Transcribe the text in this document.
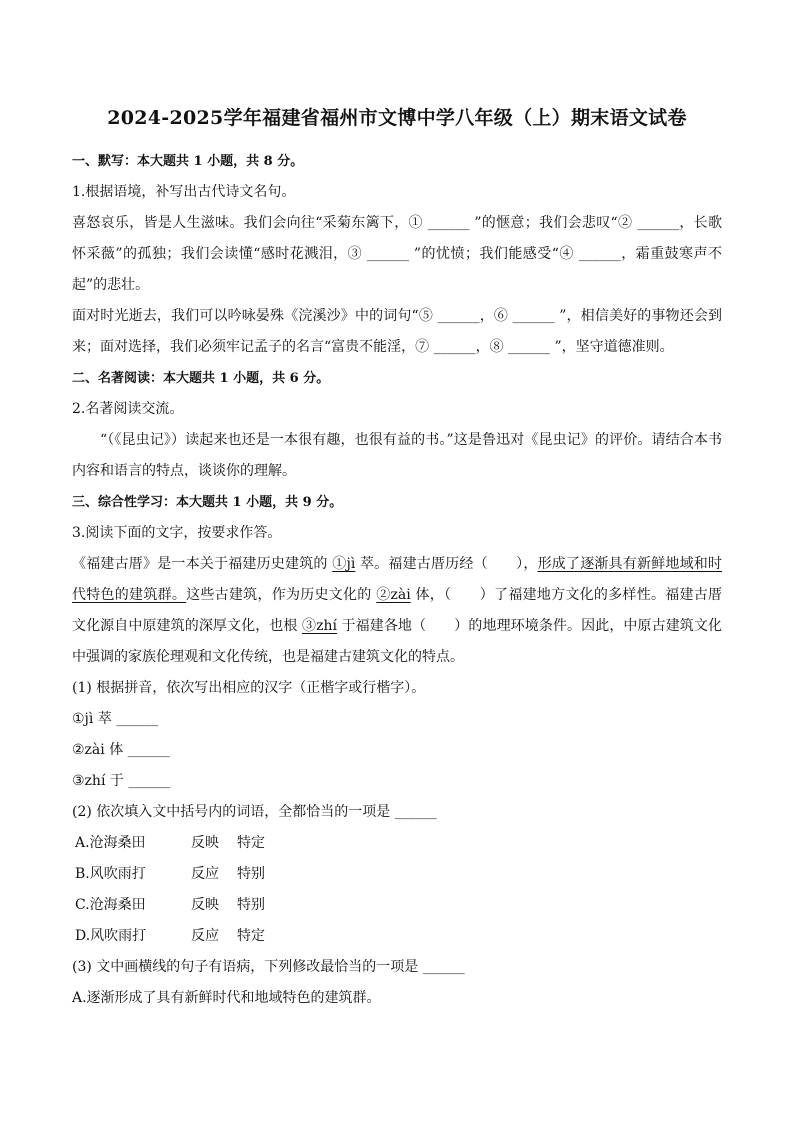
2024-2025学年福建省福州市文博中学八年级（上）期末语文试卷
一、默写：本大题共 1 小题，共 8 分。
1.根据语境，补写出古代诗文名句。
喜怒哀乐，皆是人生滋味。我们会向往“采菊东篱下，① ______ ”的惬意；我们会悲叹“② ______，长歌怀采薇”的孤独；我们会读懂“感时花溅泪，③ ______ ”的忧愤；我们能感受“④ ______，霜重鼓寒声不起”的悲壮。
面对时光逝去，我们可以吟咏晏殊《浣溪沙》中的词句“⑤ ______，⑥ ______ ”，相信美好的事物还会到来；面对选择，我们必须牢记孟子的名言“富贵不能淫，⑦ ______，⑧ ______ ”，坚守道德准则。
二、名著阅读：本大题共 1 小题，共 6 分。
2.名著阅读交流。
“（《昆虫记》）读起来也还是一本很有趣，也很有益的书。”这是鲁迅对《昆虫记》的评价。请结合本书内容和语言的特点，谈谈你的理解。
三、综合性学习：本大题共 1 小题，共 9 分。
3.阅读下面的文字，按要求作答。
《福建古厝》是一本关于福建历史建筑的 ①jì 萃。福建古厝历经（　　），形成了逐渐具有新鲜地域和时代特色的建筑群。这些古建筑，作为历史文化的 ②zài 体，（　　）了福建地方文化的多样性。福建古厝文化源自中原建筑的深厚文化，也根 ③zhí 于福建各地（　　）的地理环境条件。因此，中原古建筑文化中强调的家族伦理观和文化传统，也是福建古建筑文化的特点。
(1) 根据拼音，依次写出相应的汉字（正楷字或行楷字）。
①jì 萃 ______
②zài 体 ______
③zhí 于 ______
(2) 依次填入文中括号内的词语，全都恰当的一项是 ______
A.沧海桑田	反映	特定
B.风吹雨打	反应	特别
C.沧海桑田	反映	特别
D.风吹雨打	反应	特定
(3) 文中画横线的句子有语病，下列修改最恰当的一项是 ______
A.逐渐形成了具有新鲜时代和地域特色的建筑群。
